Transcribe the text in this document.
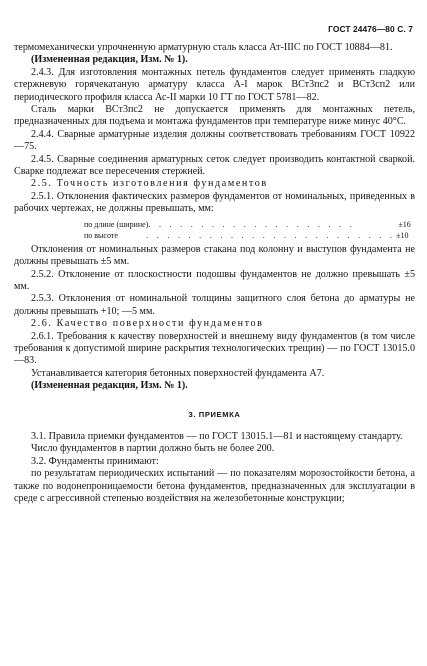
ГОСТ 24476—80 С. 7

термомеханически упрочненную арматурную сталь класса Ат-IIIС по ГОСТ 10884—81.

(Измененная редакция, Изм. № 1).

2.4.3. Для изготовления монтажных петель фундаментов следует применять гладкую стержневую горячекатаную арматуру класса А-I марок ВСт3пс2 и ВСт3сп2 или периодического профиля класса Ас-II марки 10 ГТ по ГОСТ 5781—82.

Сталь марки ВСт3пс2 не допускается применять для монтажных петель, предназначенных для подъема и монтажа фундаментов при температуре ниже минус 40°С.

2.4.4. Сварные арматурные изделия должны соответствовать требованиям ГОСТ 10922—75.

2.4.5. Сварные соединения арматурных сеток следует производить контактной сваркой. Сварке подлежат все пересечения стержней.

2.5. Точность изготовления фундаментов

2.5.1. Отклонения фактических размеров фундаментов от номинальных, приведенных в рабочих чертежах, не должны превышать, мм:

по длине (ширине) . . . . . . . . . . . . . . . . . . . .	±16
по высоте	. . . . . . . . . . . . . . . . . . . . . . . . ±10

Отклонения от номинальных размеров стакана под колонну и выступов фундамента не должны превышать ±5 мм.

2.5.2. Отклонение от плоскостности подошвы фундаментов не должно превышать ±5 мм.

2.5.3. Отклонения от номинальной толщины защитного слоя бетона до арматуры не должны превышать +10; —5 мм.

2.6. Качество поверхности фундаментов

2.6.1. Требования к качеству поверхностей и внешнему виду фундаментов (в том числе требования к допустимой ширине раскрытия технологических трещин) — по ГОСТ 13015.0—83.

Устанавливается категория бетонных поверхностей фундамента А7.

(Измененная редакция, Изм. № 1).

3. ПРИЕМКА

3.1. Правила приемки фундаментов — по ГОСТ 13015.1—81 и настоящему стандарту.

Число фундаментов в партии должно быть не более 200.

3.2. Фундаменты принимают:

по результатам периодических испытаний — по показателям морозостойкости бетона, а также по водонепроницаемости бетона фундаментов, предназначенных для эксплуатации в среде с агрессивной степенью воздействия на железобетонные конструкции;
